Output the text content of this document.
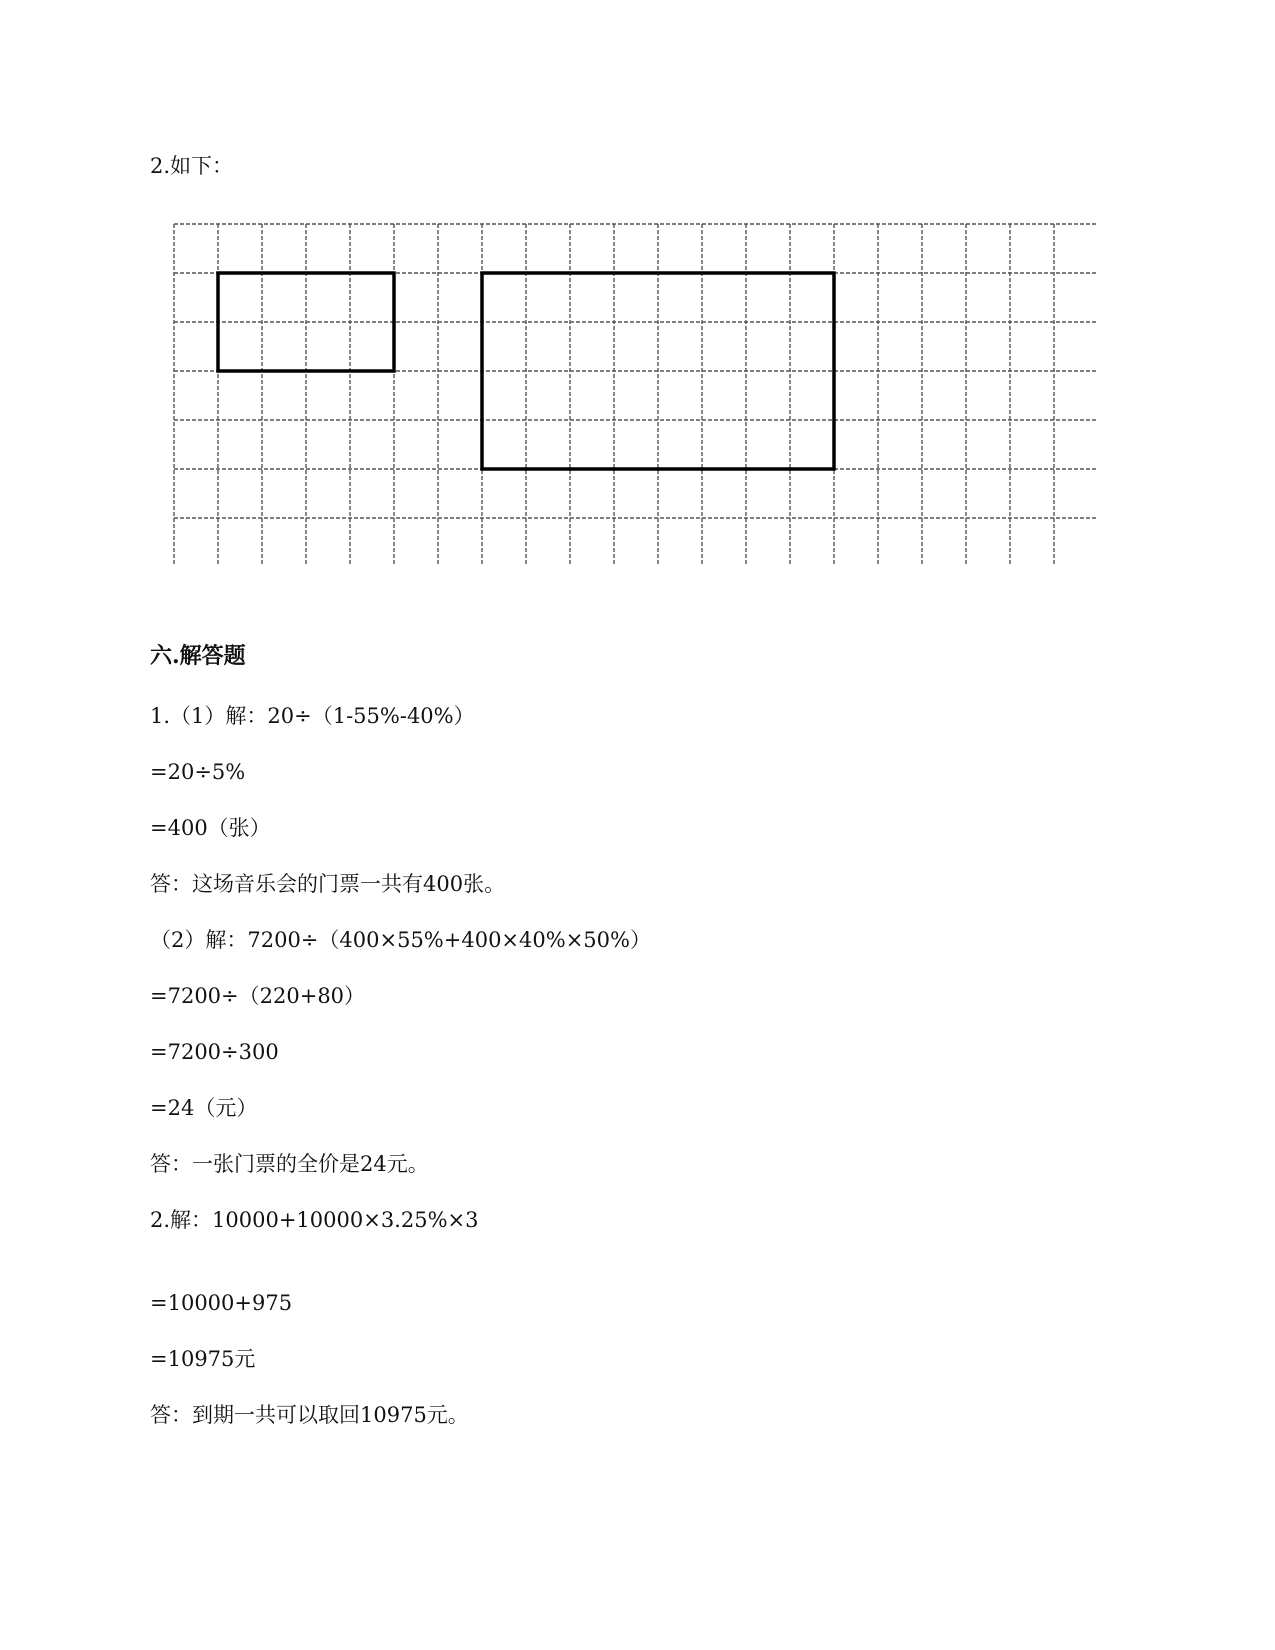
2.如下：

六.解答题

1.（1）解：20÷（1-55%-40%）

=20÷5%

=400（张）

答：这场音乐会的门票一共有400张。

（2）解：7200÷（400×55%+400×40%×50%）

=7200÷（220+80）

=7200÷300

=24（元）

答：一张门票的全价是24元。

2.解：10000+10000×3.25%×3

=10000+975

=10975元

答：到期一共可以取回10975元。
